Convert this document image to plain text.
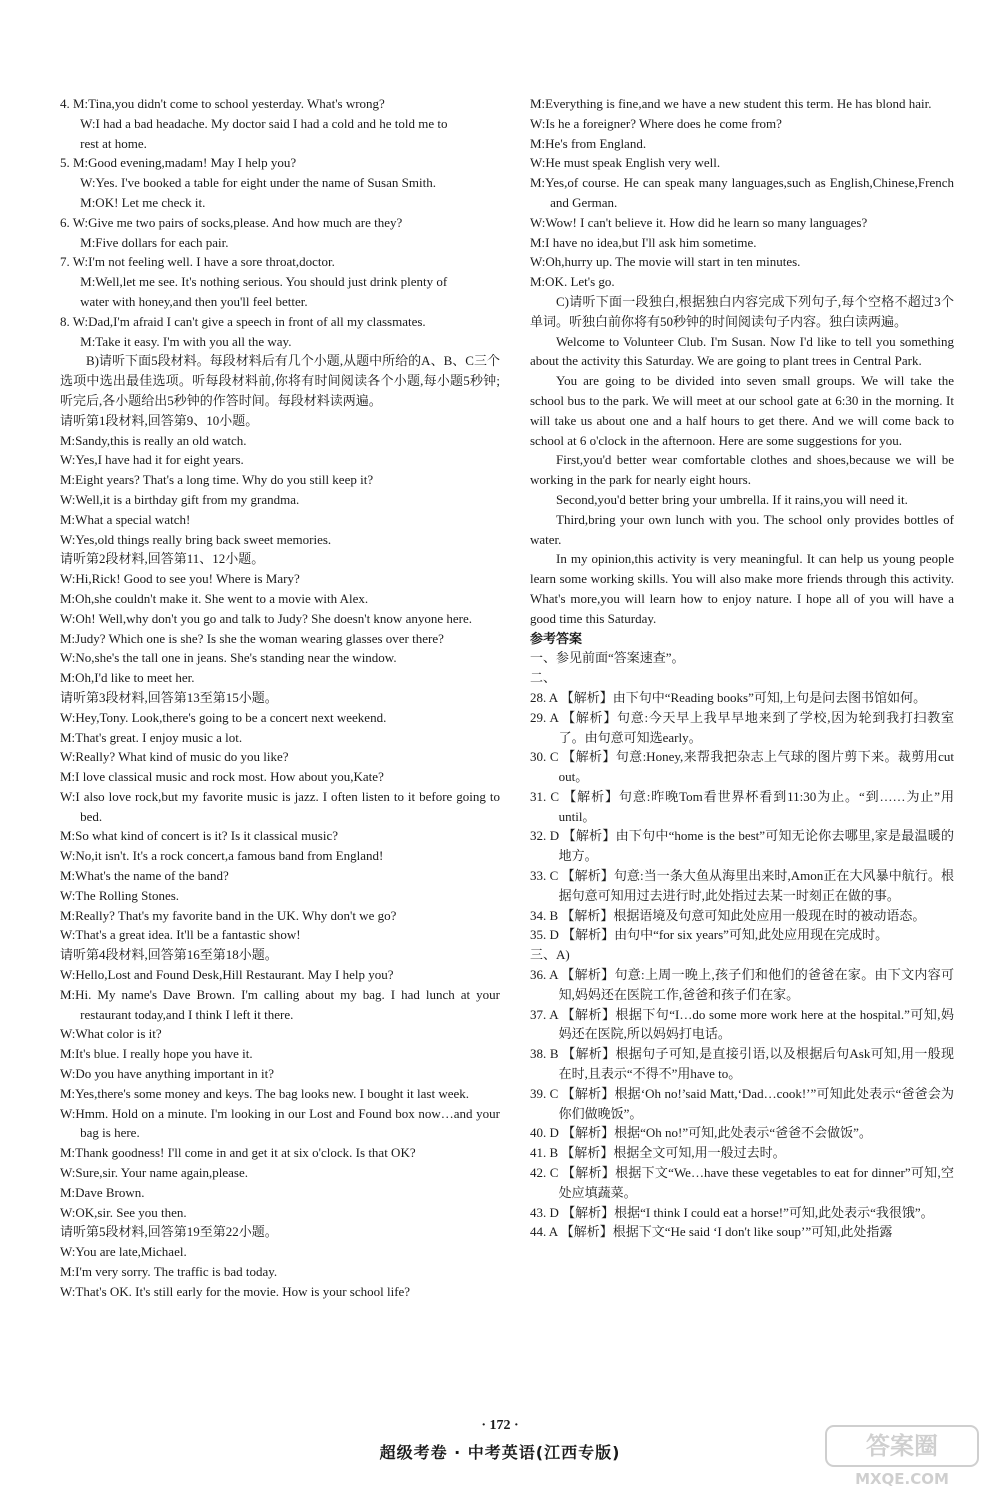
4. M:Tina,you didn't come to school yesterday. What's wrong?
W:I had a bad headache. My doctor said I had a cold and he told me to
rest at home.
5. M:Good evening,madam! May I help you?
W:Yes. I've booked a table for eight under the name of Susan Smith.
M:OK! Let me check it.
6. W:Give me two pairs of socks,please. And how much are they?
M:Five dollars for each pair.
7. W:I'm not feeling well. I have a sore throat,doctor.
M:Well,let me see. It's nothing serious. You should just drink plenty of
water with honey,and then you'll feel better.
8. W:Dad,I'm afraid I can't give a speech in front of all my classmates.
M:Take it easy. I'm with you all the way.
B)请听下面5段材料。每段材料后有几个小题,从题中所给的A、B、C三个选项中选出最佳选项。听每段材料前,你将有时间阅读各个小题,每小题5秒钟;听完后,各小题给出5秒钟的作答时间。每段材料读两遍。
请听第1段材料,回答第9、10小题。
M:Sandy,this is really an old watch.
W:Yes,I have had it for eight years.
M:Eight years? That's a long time. Why do you still keep it?
W:Well,it is a birthday gift from my grandma.
M:What a special watch!
W:Yes,old things really bring back sweet memories.
请听第2段材料,回答第11、12小题。
W:Hi,Rick! Good to see you! Where is Mary?
M:Oh,she couldn't make it. She went to a movie with Alex.
W:Oh! Well,why don't you go and talk to Judy? She doesn't know anyone here.
M:Judy? Which one is she? Is she the woman wearing glasses over there?
W:No,she's the tall one in jeans. She's standing near the window.
M:Oh,I'd like to meet her.
请听第3段材料,回答第13至第15小题。
W:Hey,Tony. Look,there's going to be a concert next weekend.
M:That's great. I enjoy music a lot.
W:Really? What kind of music do you like?
M:I love classical music and rock most. How about you,Kate?
W:I also love rock,but my favorite music is jazz. I often listen to it before going to bed.
M:So what kind of concert is it? Is it classical music?
W:No,it isn't. It's a rock concert,a famous band from England!
M:What's the name of the band?
W:The Rolling Stones.
M:Really? That's my favorite band in the UK. Why don't we go?
W:That's a great idea. It'll be a fantastic show!
请听第4段材料,回答第16至第18小题。
W:Hello,Lost and Found Desk,Hill Restaurant. May I help you?
M:Hi. My name's Dave Brown. I'm calling about my bag. I had lunch at your restaurant today,and I think I left it there.
W:What color is it?
M:It's blue. I really hope you have it.
W:Do you have anything important in it?
M:Yes,there's some money and keys. The bag looks new. I bought it last week.
W:Hmm. Hold on a minute. I'm looking in our Lost and Found box now…and your bag is here.
M:Thank goodness! I'll come in and get it at six o'clock. Is that OK?
W:Sure,sir. Your name again,please.
M:Dave Brown.
W:OK,sir. See you then.
请听第5段材料,回答第19至第22小题。
W:You are late,Michael.
M:I'm very sorry. The traffic is bad today.
W:That's OK. It's still early for the movie. How is your school life?
M:Everything is fine,and we have a new student this term. He has blond hair.
W:Is he a foreigner? Where does he come from?
M:He's from England.
W:He must speak English very well.
M:Yes,of course. He can speak many languages,such as English,Chinese,French and German.
W:Wow! I can't believe it. How did he learn so many languages?
M:I have no idea,but I'll ask him sometime.
W:Oh,hurry up. The movie will start in ten minutes.
M:OK. Let's go.
C)请听下面一段独白,根据独白内容完成下列句子,每个空格不超过3个单词。听独白前你将有50秒钟的时间阅读句子内容。独白读两遍。
Welcome to Volunteer Club. I'm Susan. Now I'd like to tell you something about the activity this Saturday. We are going to plant trees in Central Park.
You are going to be divided into seven small groups. We will take the school bus to the park. We will meet at our school gate at 6:30 in the morning. It will take us about one and a half hours to get there. And we will come back to school at 6 o'clock in the afternoon. Here are some suggestions for you.
First,you'd better wear comfortable clothes and shoes,because we will be working in the park for nearly eight hours.
Second,you'd better bring your umbrella. If it rains,you will need it.
Third,bring your own lunch with you. The school only provides bottles of water.
In my opinion,this activity is very meaningful. It can help us young people learn some working skills. You will also make more friends through this activity. What's more,you will learn how to enjoy nature. I hope all of you will have a good time this Saturday.
参考答案
一、参见前面“答案速查”。
二、
28. A 【解析】由下句中“Reading books”可知,上句是问去图书馆如何。
29. A 【解析】句意:今天早上我早早地来到了学校,因为轮到我打扫教室了。由句意可知选early。
30. C 【解析】句意:Honey,来帮我把杂志上气球的图片剪下来。裁剪用cut out。
31. C 【解析】句意:昨晚Tom看世界杯看到11:30为止。“到……为止”用until。
32. D 【解析】由下句中“home is the best”可知无论你去哪里,家是最温暖的地方。
33. C 【解析】句意:当一条大鱼从海里出来时,Amon正在大风暴中航行。根据句意可知用过去进行时,此处指过去某一时刻正在做的事。
34. B 【解析】根据语境及句意可知此处应用一般现在时的被动语态。
35. D 【解析】由句中“for six years”可知,此处应用现在完成时。
三、A)
36. A 【解析】句意:上周一晚上,孩子们和他们的爸爸在家。由下文内容可知,妈妈还在医院工作,爸爸和孩子们在家。
37. A 【解析】根据下句“I…do some more work here at the hospital.”可知,妈妈还在医院,所以妈妈打电话。
38. B 【解析】根据句子可知,是直接引语,以及根据后句Ask可知,用一般现在时,且表示“不得不”用have to。
39. C 【解析】根据‘Oh no!’said Matt,‘Dad…cook!’”可知此处表示“爸爸会为你们做晚饭”。
40. D 【解析】根据“Oh no!”可知,此处表示“爸爸不会做饭”。
41. B 【解析】根据全文可知,用一般过去时。
42. C 【解析】根据下文“We…have these vegetables to eat for dinner”可知,空处应填蔬菜。
43. D 【解析】根据“I think I could eat a horse!”可知,此处表示“我很饿”。
44. A 【解析】根据下文“He said ‘I don't like soup’”可知,此处指露
· 172 ·
超级考卷 · 中考英语(江西专版)	答案圈
MXQE.COM
